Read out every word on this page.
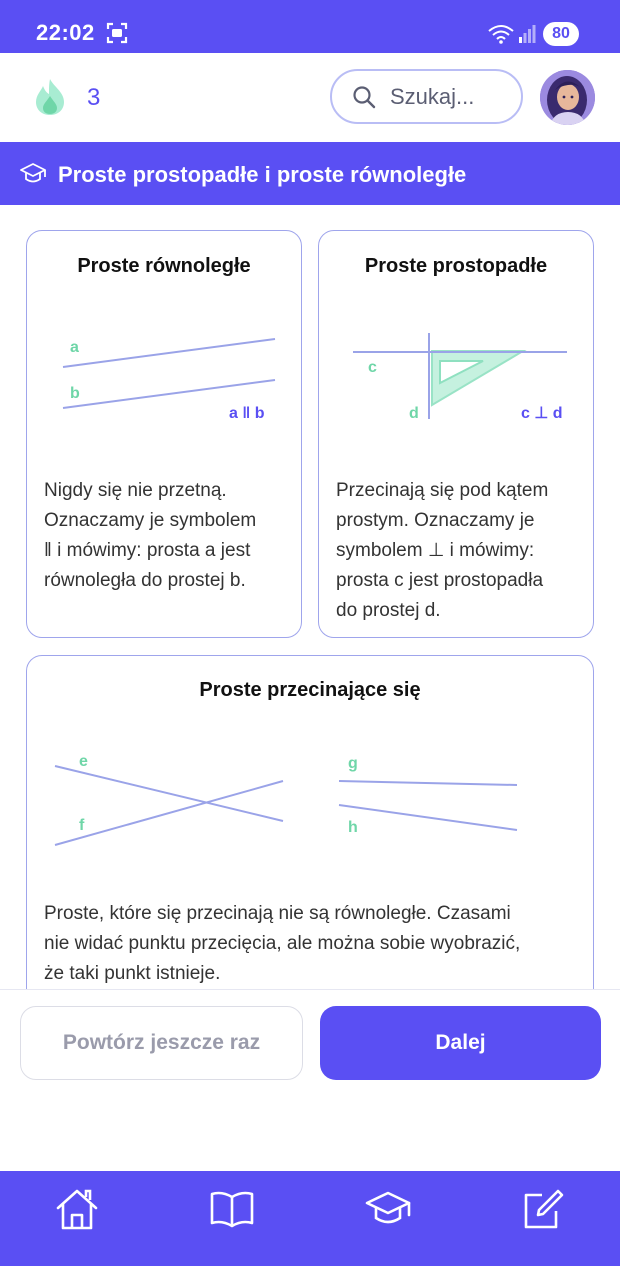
22:02	80
3
Szukaj...
Proste prostopadłe i proste równoległe
Proste równoległe
a
b
a ‖ b
Nigdy się nie przetną.
Oznaczamy je symbolem
‖ i mówimy: prosta a jest
równoległa do prostej b.
Proste prostopadłe
c
d	c ⊥ d
Przecinają się pod kątem
prostym. Oznaczamy je
symbolem ⊥ i mówimy:
prosta c jest prostopadła
do prostej d.
Proste przecinające się
e
f
g
h
Proste, które się przecinają nie są równoległe. Czasami
nie widać punktu przecięcia, ale można sobie wyobrazić,
że taki punkt istnieje.
Powtórz jeszcze raz	Dalej
